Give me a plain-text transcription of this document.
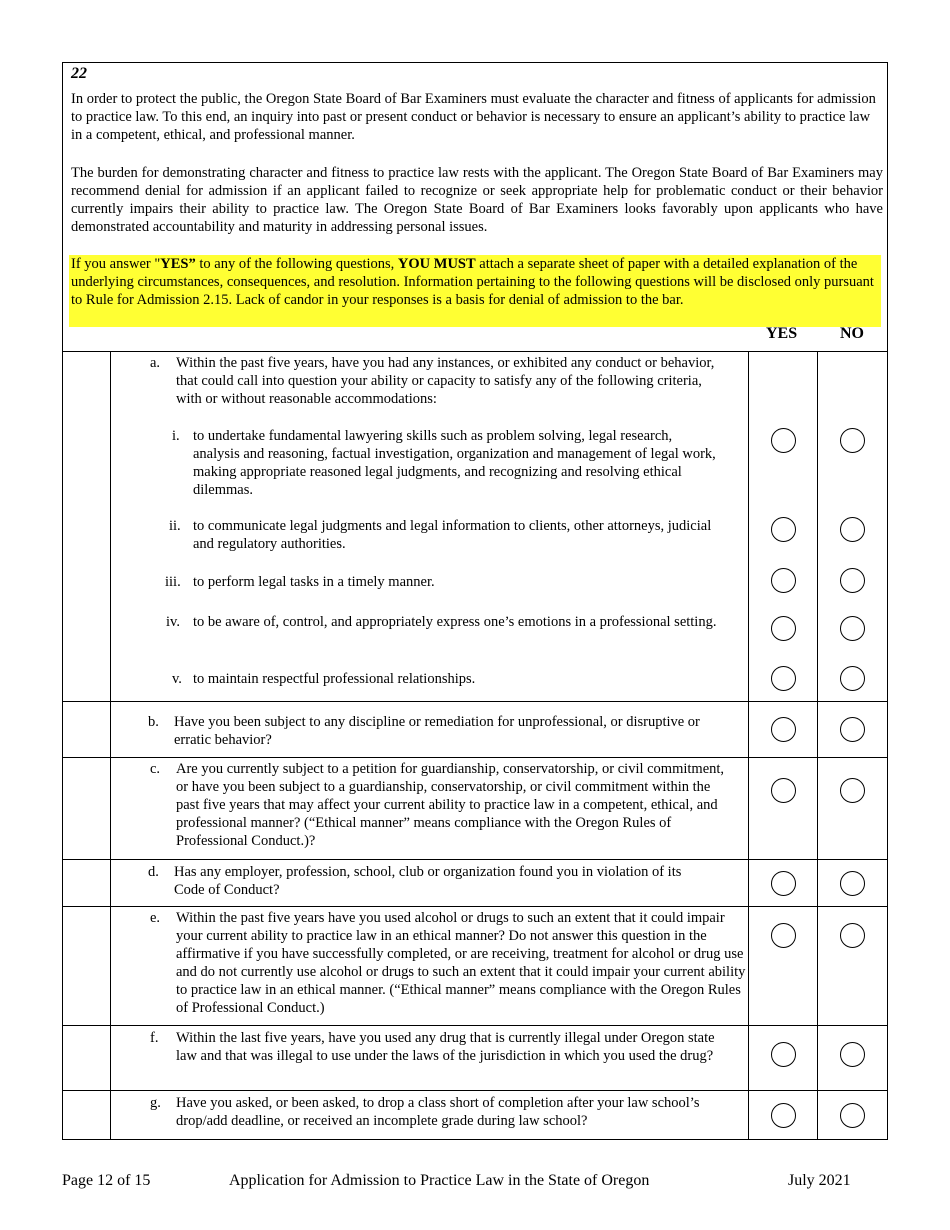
22

In order to protect the public, the Oregon State Board of Bar Examiners must evaluate the character and fitness of applicants for admission to practice law. To this end, an inquiry into past or present conduct or behavior is necessary to ensure an applicant’s ability to practice law in a competent, ethical, and professional manner.

The burden for demonstrating character and fitness to practice law rests with the applicant. The Oregon State Board of Bar Examiners may recommend denial for admission if an applicant failed to recognize or seek appropriate help for problematic conduct or their behavior currently impairs their ability to practice law. The Oregon State Board of Bar Examiners looks favorably upon applicants who have demonstrated accountability and maturity in addressing personal issues.

If you answer "YES” to any of the following questions, YOU MUST attach a separate sheet of paper with a detailed explanation of the underlying circumstances, consequences, and resolution. Information pertaining to the following questions will be disclosed only pursuant to Rule for Admission 2.15. Lack of candor in your responses is a basis for denial of admission to the bar.
YES	NO
a. Within the past five years, have you had any instances, or exhibited any conduct or behavior, that could call into question your ability or capacity to satisfy any of the following criteria, with or without reasonable accommodations:
i. to undertake fundamental lawyering skills such as problem solving, legal research, analysis and reasoning, factual investigation, organization and management of legal work, making appropriate reasoned legal judgments, and recognizing and resolving ethical dilemmas.
ii. to communicate legal judgments and legal information to clients, other attorneys, judicial and regulatory authorities.
iii. to perform legal tasks in a timely manner.
iv. to be aware of, control, and appropriately express one’s emotions in a professional setting.
v. to maintain respectful professional relationships.
b. Have you been subject to any discipline or remediation for unprofessional, or disruptive or erratic behavior?
c. Are you currently subject to a petition for guardianship, conservatorship, or civil commitment, or have you been subject to a guardianship, conservatorship, or civil commitment within the past five years that may affect your current ability to practice law in a competent, ethical, and professional manner? (“Ethical manner” means compliance with the Oregon Rules of Professional Conduct.)?
d. Has any employer, profession, school, club or organization found you in violation of its Code of Conduct?
e. Within the past five years have you used alcohol or drugs to such an extent that it could impair your current ability to practice law in an ethical manner? Do not answer this question in the affirmative if you have successfully completed, or are receiving, treatment for alcohol or drug use and do not currently use alcohol or drugs to such an extent that it could impair your current ability to practice law in an ethical manner. (“Ethical manner” means compliance with the Oregon Rules of Professional Conduct.)
f. Within the last five years, have you used any drug that is currently illegal under Oregon state law and that was illegal to use under the laws of the jurisdiction in which you used the drug?
g. Have you asked, or been asked, to drop a class short of completion after your law school’s drop/add deadline, or received an incomplete grade during law school?
Page 12 of 15	Application for Admission to Practice Law in the State of Oregon	July 2021
